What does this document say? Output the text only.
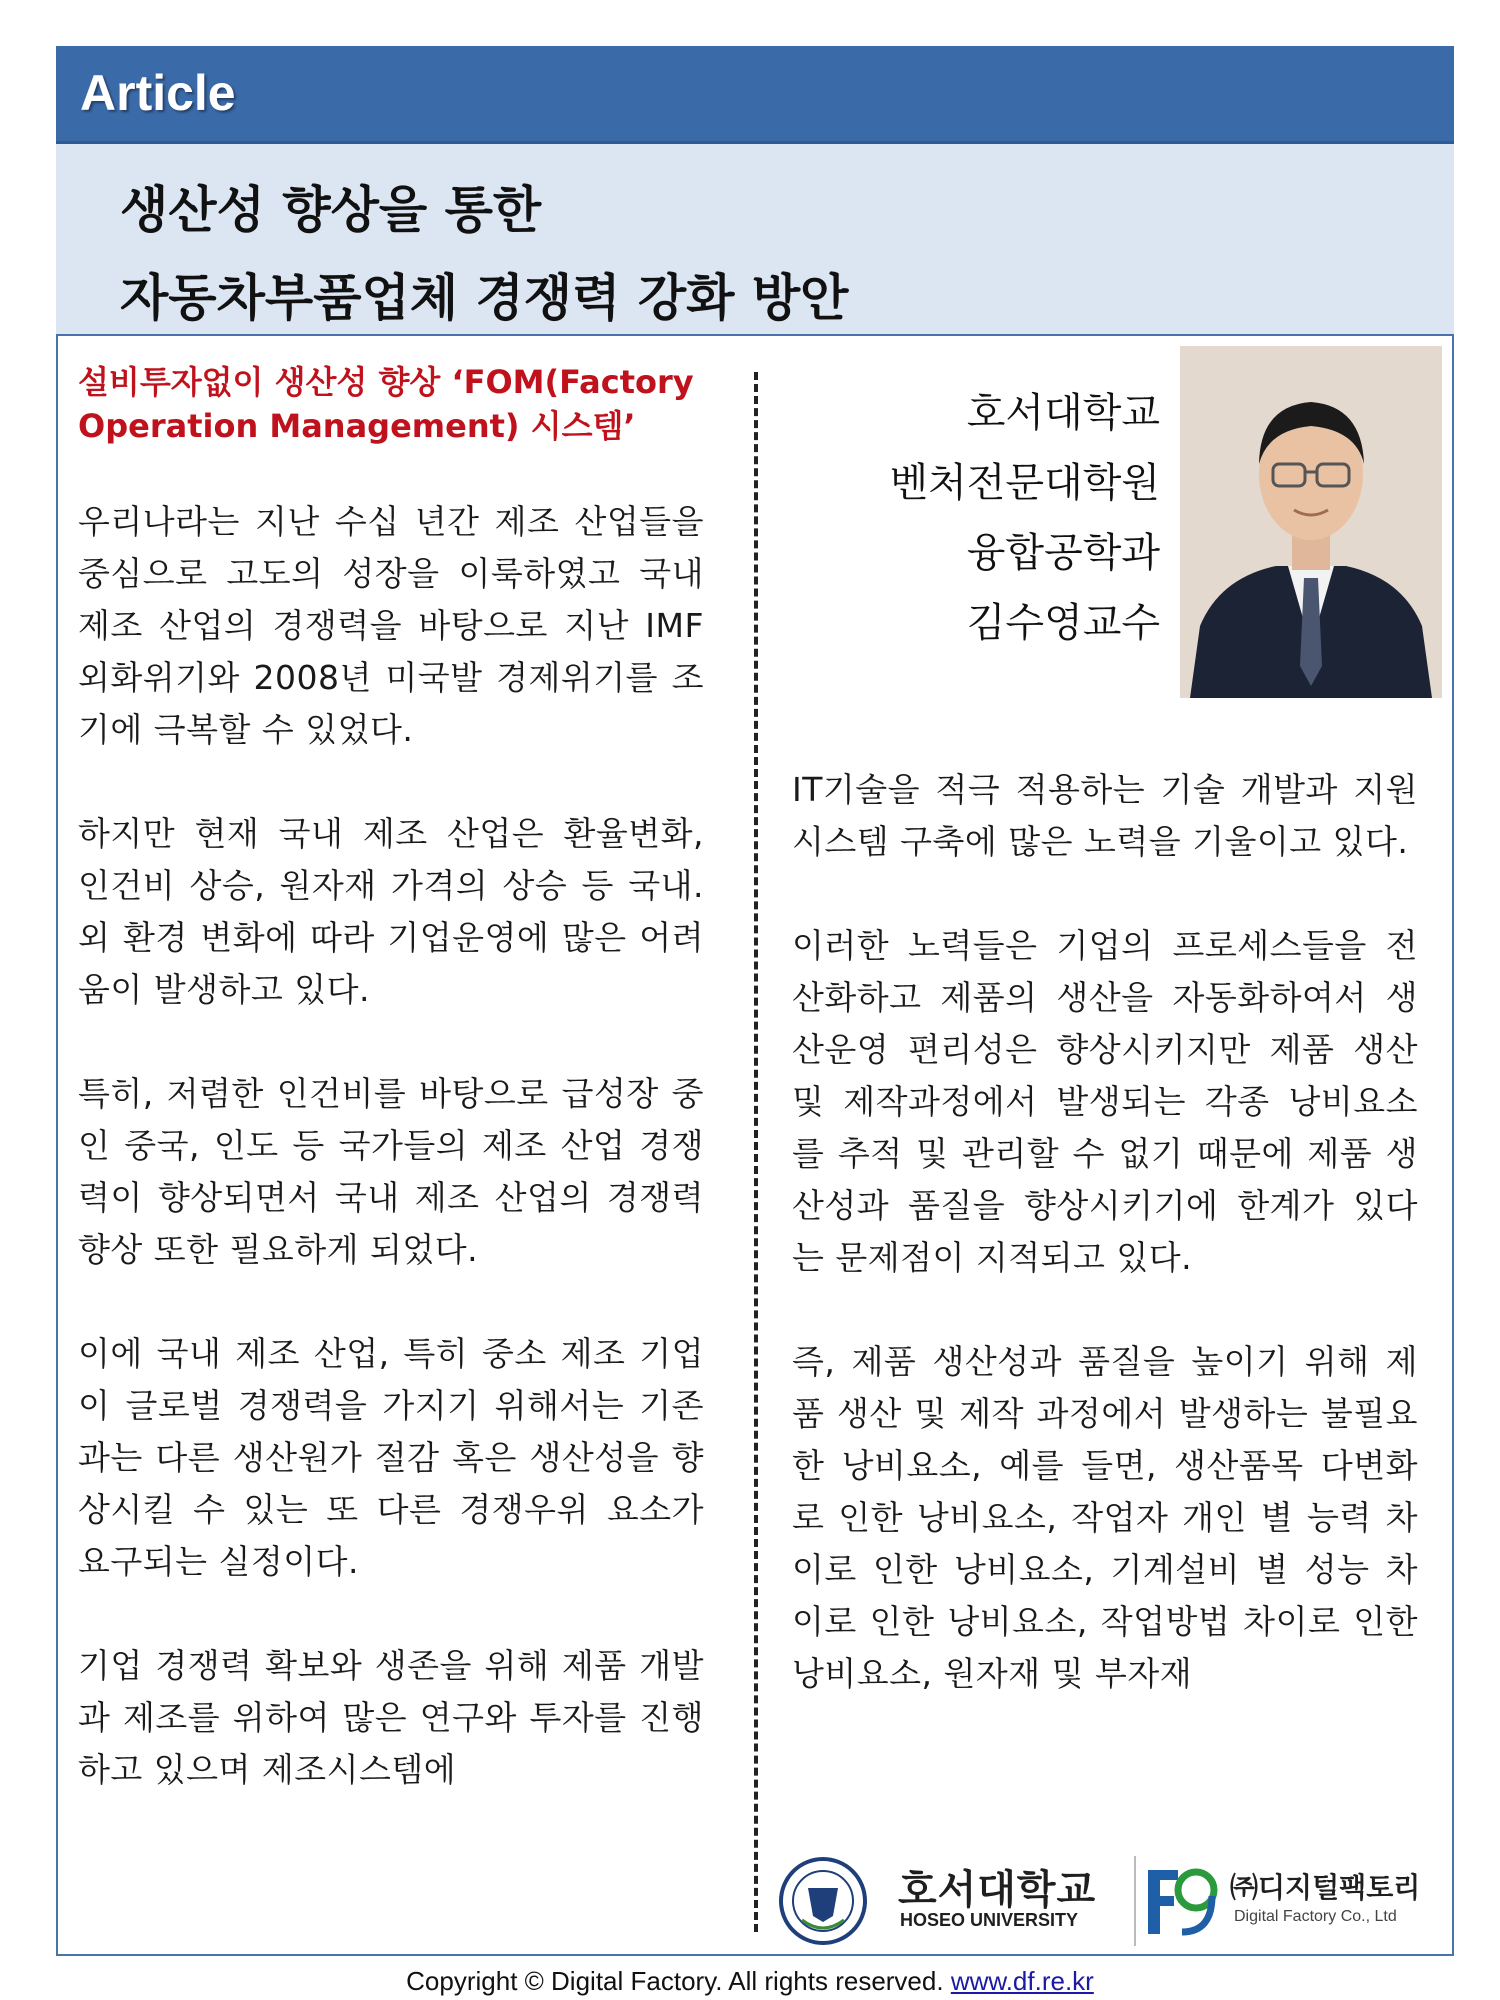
Article
생산성 향상을 통한
자동차부품업체 경쟁력 강화 방안
설비투자없이 생산성 향상 ‘FOM(Factory Operation Management) 시스템’

우리나라는 지난 수십 년간 제조 산업들을 중심으로 고도의 성장을 이룩하였고 국내 제조 산업의 경쟁력을 바탕으로 지난 IMF 외화위기와 2008년 미국발 경제위기를 조기에 극복할 수 있었다.

하지만 현재 국내 제조 산업은 환율변화, 인건비 상승, 원자재 가격의 상승 등 국내.외 환경 변화에 따라 기업운영에 많은 어려움이 발생하고 있다.

특히, 저렴한 인건비를 바탕으로 급성장 중인 중국, 인도 등 국가들의 제조 산업 경쟁력이 향상되면서 국내 제조 산업의 경쟁력 향상 또한 필요하게 되었다.

이에 국내 제조 산업, 특히 중소 제조 기업이 글로벌 경쟁력을 가지기 위해서는 기존과는 다른 생산원가 절감 혹은 생산성을 향상시킬 수 있는 또 다른 경쟁우위 요소가 요구되는 실정이다.

기업 경쟁력 확보와 생존을 위해 제품 개발과 제조를 위하여 많은 연구와 투자를 진행하고 있으며 제조시스템에

호서대학교
벤처전문대학원
융합공학과
김수영교수

IT기술을 적극 적용하는 기술 개발과 지원시스템 구축에 많은 노력을 기울이고 있다.

이러한 노력들은 기업의 프로세스들을 전산화하고 제품의 생산을 자동화하여서 생산운영 편리성은 향상시키지만 제품 생산 및 제작과정에서 발생되는 각종 낭비요소를 추적 및 관리할 수 없기 때문에 제품 생산성과 품질을 향상시키기에 한계가 있다는 문제점이 지적되고 있다.

즉, 제품 생산성과 품질을 높이기 위해 제품 생산 및 제작 과정에서 발생하는 불필요한 낭비요소, 예를 들면, 생산품목 다변화로 인한 낭비요소, 작업자 개인 별 능력 차이로 인한 낭비요소, 기계설비 별 성능 차이로 인한 낭비요소, 작업방법 차이로 인한 낭비요소, 원자재 및 부자재

호서대학교
HOSEO UNIVERSITY
㈜디지털팩토리
Digital Factory Co., Ltd
Copyright © Digital Factory. All rights reserved. www.df.re.kr
